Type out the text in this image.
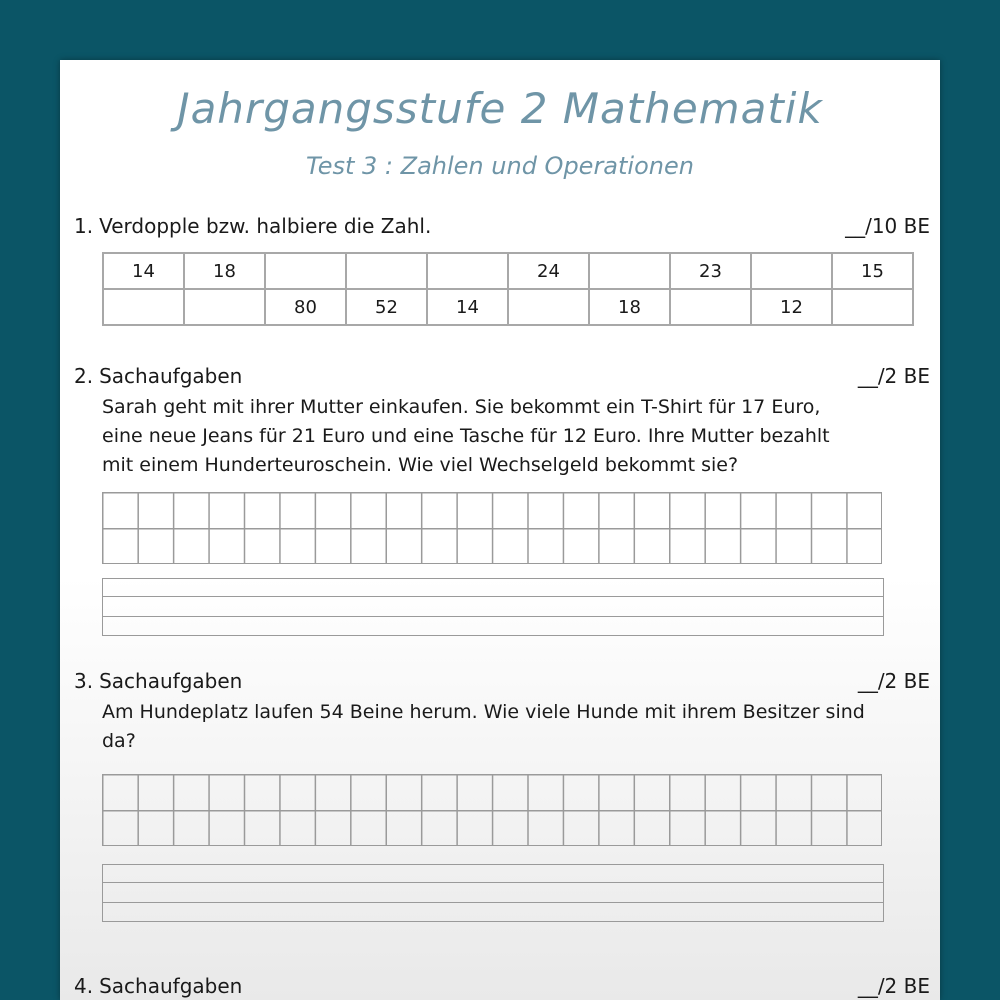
Jahrgangsstufe 2 Mathematik
Test 3 : Zahlen und Operationen
1. Verdopple bzw. halbiere die Zahl.	__/10 BE
14	18				24		23		15
		80	52	14		18		12	
2. Sachaufgaben	__/2 BE
Sarah geht mit ihrer Mutter einkaufen. Sie bekommt ein T-Shirt für 17 Euro,
eine neue Jeans für 21 Euro und eine Tasche für 12 Euro. Ihre Mutter bezahlt
mit einem Hunderteuroschein. Wie viel Wechselgeld bekommt sie?
3. Sachaufgaben	__/2 BE
Am Hundeplatz laufen 54 Beine herum. Wie viele Hunde mit ihrem Besitzer sind
da?
4. Sachaufgaben	__/2 BE
